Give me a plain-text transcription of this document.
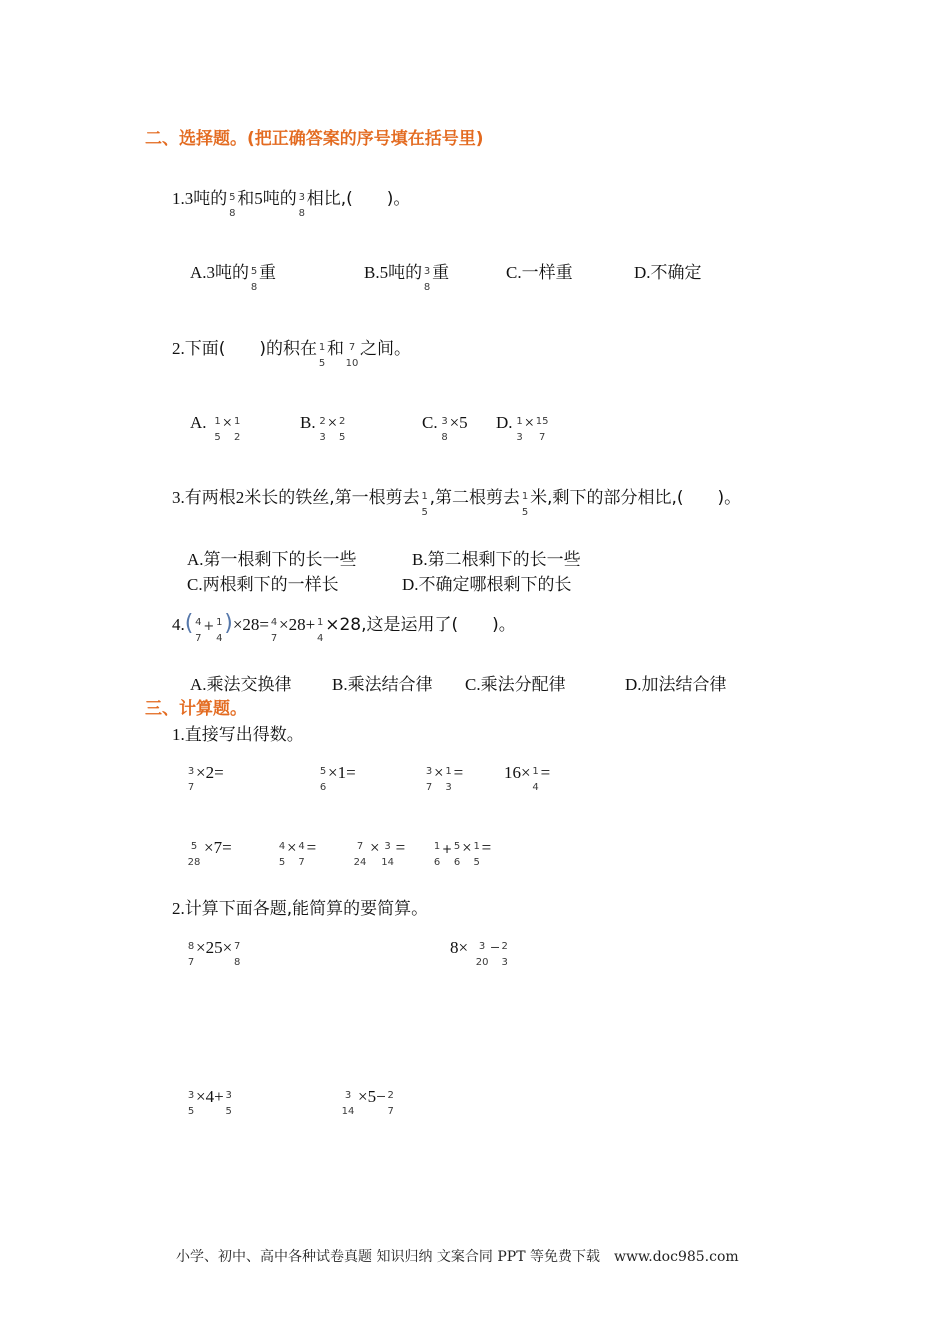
二、选择题。(把正确答案的序号填在括号里)
1.3吨的 5
8
和5吨的 3
8
相比,(　　)。
A.3吨的 5
8
重	B.5吨的 3
8
重	C.一样重	D.不确定
2.下面(　　)的积在 1
5
和 7
10
之间。
A. 1
5
× 1
2
B. 2
3
× 2
5
C. 3
8
×5 D. 1
3
× 15
7
3.有两根2米长的铁丝,第一根剪去 1
5
,第二根剪去 1
5
米,剩下的部分相比,(　　)。
A.第一根剩下的长一些	B.第二根剩下的长一些
C.两根剩下的一样长	D.不确定哪根剩下的长
4.( 4
7
+ 1
4
)×28= 4
7
×28+ 1
4
×28,这是运用了(　　)。
A.乘法交换律 B.乘法结合律 C.乘法分配律	D.加法结合律
三、计算题。
1.直接写出得数。
3
7
×2=	5
6
×1=	3
7
× 1
3
= 16× 1
4
=
5
28
×7=	4
5
× 4
7
=	7
24
× 3
14
=	1
6
+ 5
6
× 1
5
=
2.计算下面各题,能简算的要简算。
8
7
×25× 7
8
8×	3
20
− 2
3
3
5
×4+ 3
5
3
14
×5− 2
7
小学、初中、高中各种试卷真题 知识归纳 文案合同 PPT 等免费下载　www.doc985.com
